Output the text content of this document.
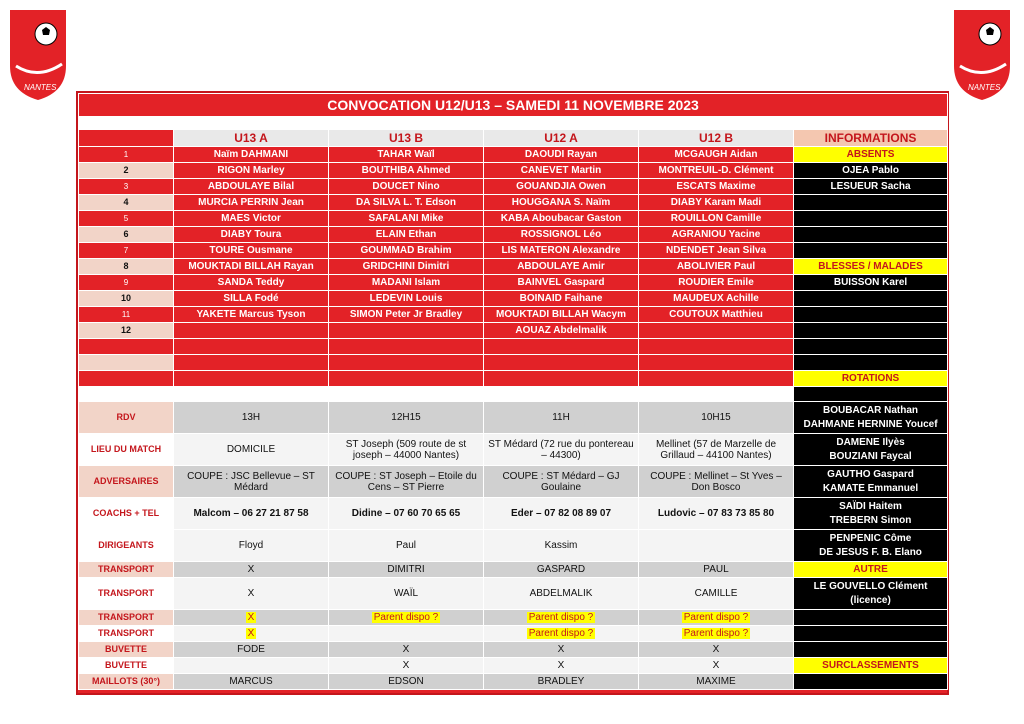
NANTES	NANTES
CONVOCATION U12/U13 – SAMEDI 11 NOVEMBRE 2023					

	U13 A	U13 B	U12 A	U12 B	INFORMATIONS
1	Naïm DAHMANI	TAHAR Waïl	DAOUDI Rayan	MCGAUGH Aidan	ABSENTS
2	RIGON Marley	BOUTHIBA Ahmed	CANEVET Martin	MONTREUIL-D. Clément	OJEA Pablo
3	ABDOULAYE Bilal	DOUCET Nino	GOUANDJIA Owen	ESCATS Maxime	LESUEUR Sacha
4	MURCIA PERRIN Jean	DA SILVA L. T. Edson	HOUGGANA S. Naïm	DIABY Karam Madi	
5	MAES Victor	SAFALANI Mike	KABA Aboubacar Gaston	ROUILLON Camille	
6	DIABY Toura	ELAIN Ethan	ROSSIGNOL Léo	AGRANIOU Yacine	
7	TOURE Ousmane	GOUMMAD Brahim	LIS MATERON Alexandre	NDENDET Jean Silva	
8	MOUKTADI BILLAH Rayan	GRIDCHINI Dimitri	ABDOULAYE Amir	ABOLIVIER Paul	BLESSES / MALADES
9	SANDA Teddy	MADANI Islam	BAINVEL Gaspard	ROUDIER Emile	BUISSON Karel
10	SILLA Fodé	LEDEVIN Louis	BOINAID Faihane	MAUDEUX Achille	
11	YAKETE Marcus Tyson	SIMON Peter Jr Bradley	MOUKTADI BILLAH Wacym	COUTOUX Matthieu	
12			AOUAZ Abdelmalik		

					ROTATIONS

RDV	13H	12H15	11H	10H15	BOUBACAR Nathan
DAHMANE HERNINE Youcef

LIEU DU MATCH	DOMICILE	ST Joseph (509 route de st joseph – 44000 Nantes)	ST Médard (72 rue du pontereau – 44300)	Mellinet (57 de Marzelle de Grillaud – 44100 Nantes)	DAMENE Ilyès
BOUZIANI Faycal

ADVERSAIRES	COUPE : JSC Bellevue – ST Médard	COUPE : ST Joseph – Etoile du Cens – ST Pierre	COUPE : ST Médard – GJ Goulaine	COUPE : Mellinet – St Yves – Don Bosco	GAUTHO Gaspard
KAMATE Emmanuel

COACHS + TEL	Malcom – 06 27 21 87 58	Didine – 07 60 70 65 65	Eder – 07 82 08 89 07	Ludovic – 07 83 73 85 80	SAÏDI Haitem
TREBERN Simon

DIRIGEANTS	Floyd	Paul	Kassim		PENPENIC Côme
DE JESUS F. B. Elano

TRANSPORT	X	DIMITRI	GASPARD	PAUL	AUTRE
TRANSPORT	X	WAÏL	ABDELMALIK	CAMILLE	LE GOUVELLO Clément
(licence)

TRANSPORT	X	Parent dispo ?	Parent dispo ?	Parent dispo ?	
TRANSPORT	X		Parent dispo ?	Parent dispo ?	
BUVETTE	FODE	X	X	X	
BUVETTE		X	X	X	SURCLASSEMENTS
MAILLOTS (30°)	MARCUS	EDSON	BRADLEY	MAXIME	
